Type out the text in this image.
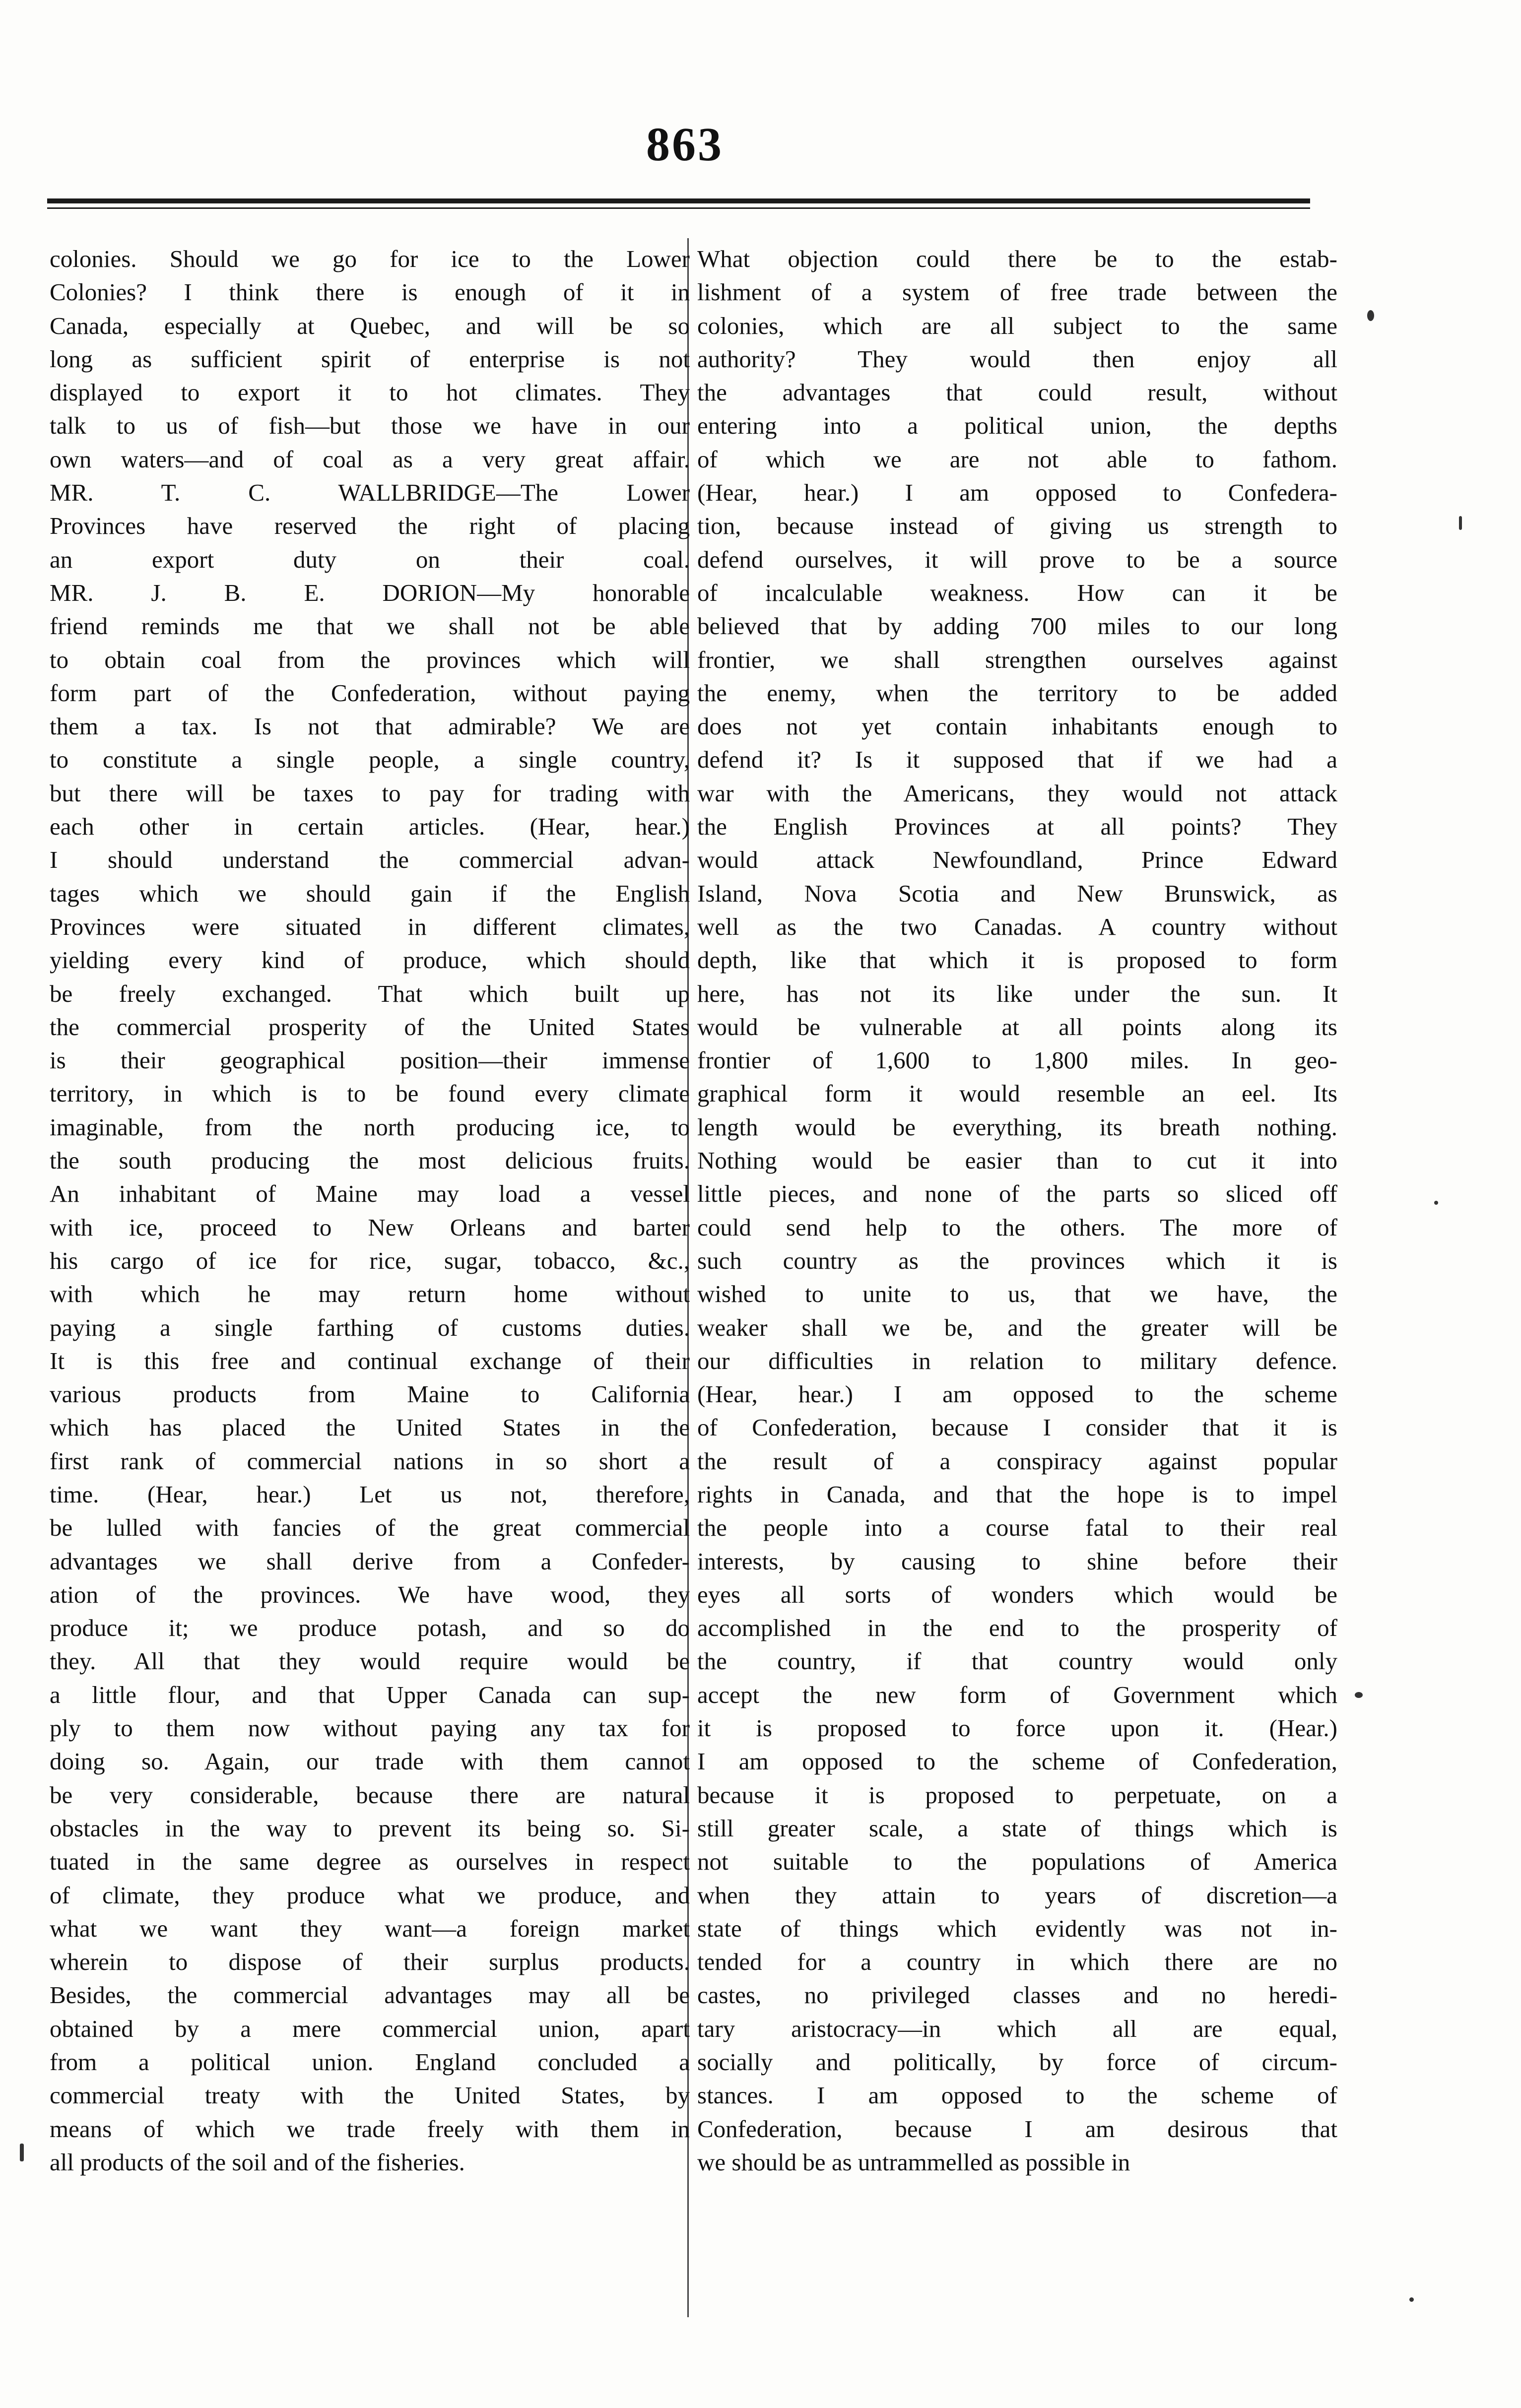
863
colonies. Should we go for ice to the Lower
Colonies? I think there is enough of it in
Canada, especially at Quebec, and will be so
long as sufficient spirit of enterprise is not
displayed to export it to hot climates. They
talk to us of fish—but those we have in our
own waters—and of coal as a very great affair.
MR. T. C. WALLBRIDGE—The Lower
Provinces have reserved the right of placing
an export duty on their coal.
MR. J. B. E. DORION—My honorable
friend reminds me that we shall not be able
to obtain coal from the provinces which will
form part of the Confederation, without paying
them a tax. Is not that admirable? We are
to constitute a single people, a single country,
but there will be taxes to pay for trading with
each other in certain articles. (Hear, hear.)
I should understand the commercial advan-
tages which we should gain if the English
Provinces were situated in different climates,
yielding every kind of produce, which should
be freely exchanged. That which built up
the commercial prosperity of the United States
is their geographical position—their immense
territory, in which is to be found every climate
imaginable, from the north producing ice, to
the south producing the most delicious fruits.
An inhabitant of Maine may load a vessel
with ice, proceed to New Orleans and barter
his cargo of ice for rice, sugar, tobacco, &c.,
with which he may return home without
paying a single farthing of customs duties.
It is this free and continual exchange of their
various products from Maine to California
which has placed the United States in the
first rank of commercial nations in so short a
time. (Hear, hear.) Let us not, therefore,
be lulled with fancies of the great commercial
advantages we shall derive from a Confeder-
ation of the provinces. We have wood, they
produce it; we produce potash, and so do
they. All that they would require would be
a little flour, and that Upper Canada can sup-
ply to them now without paying any tax for
doing so. Again, our trade with them cannot
be very considerable, because there are natural
obstacles in the way to prevent its being so. Si-
tuated in the same degree as ourselves in respect
of climate, they produce what we produce, and
what we want they want—a foreign market
wherein to dispose of their surplus products.
Besides, the commercial advantages may all be
obtained by a mere commercial union, apart
from a political union. England concluded a
commercial treaty with the United States, by
means of which we trade freely with them in
all products of the soil and of the fisheries.
What objection could there be to the estab-
lishment of a system of free trade between the
colonies, which are all subject to the same
authority? They would then enjoy all
the advantages that could result, without
entering into a political union, the depths
of which we are not able to fathom.
(Hear, hear.) I am opposed to Confedera-
tion, because instead of giving us strength to
defend ourselves, it will prove to be a source
of incalculable weakness. How can it be
believed that by adding 700 miles to our long
frontier, we shall strengthen ourselves against
the enemy, when the territory to be added
does not yet contain inhabitants enough to
defend it? Is it supposed that if we had a
war with the Americans, they would not attack
the English Provinces at all points? They
would attack Newfoundland, Prince Edward
Island, Nova Scotia and New Brunswick, as
well as the two Canadas. A country without
depth, like that which it is proposed to form
here, has not its like under the sun. It
would be vulnerable at all points along its
frontier of 1,600 to 1,800 miles. In geo-
graphical form it would resemble an eel. Its
length would be everything, its breath nothing.
Nothing would be easier than to cut it into
little pieces, and none of the parts so sliced off
could send help to the others. The more of
such country as the provinces which it is
wished to unite to us, that we have, the
weaker shall we be, and the greater will be
our difficulties in relation to military defence.
(Hear, hear.) I am opposed to the scheme
of Confederation, because I consider that it is
the result of a conspiracy against popular
rights in Canada, and that the hope is to impel
the people into a course fatal to their real
interests, by causing to shine before their
eyes all sorts of wonders which would be
accomplished in the end to the prosperity of
the country, if that country would only
accept the new form of Government which
it is proposed to force upon it. (Hear.)
I am opposed to the scheme of Confederation,
because it is proposed to perpetuate, on a
still greater scale, a state of things which is
not suitable to the populations of America
when they attain to years of discretion—a
state of things which evidently was not in-
tended for a country in which there are no
castes, no privileged classes and no heredi-
tary aristocracy—in which all are equal,
socially and politically, by force of circum-
stances. I am opposed to the scheme of
Confederation, because I am desirous that
we should be as untrammelled as possible in
